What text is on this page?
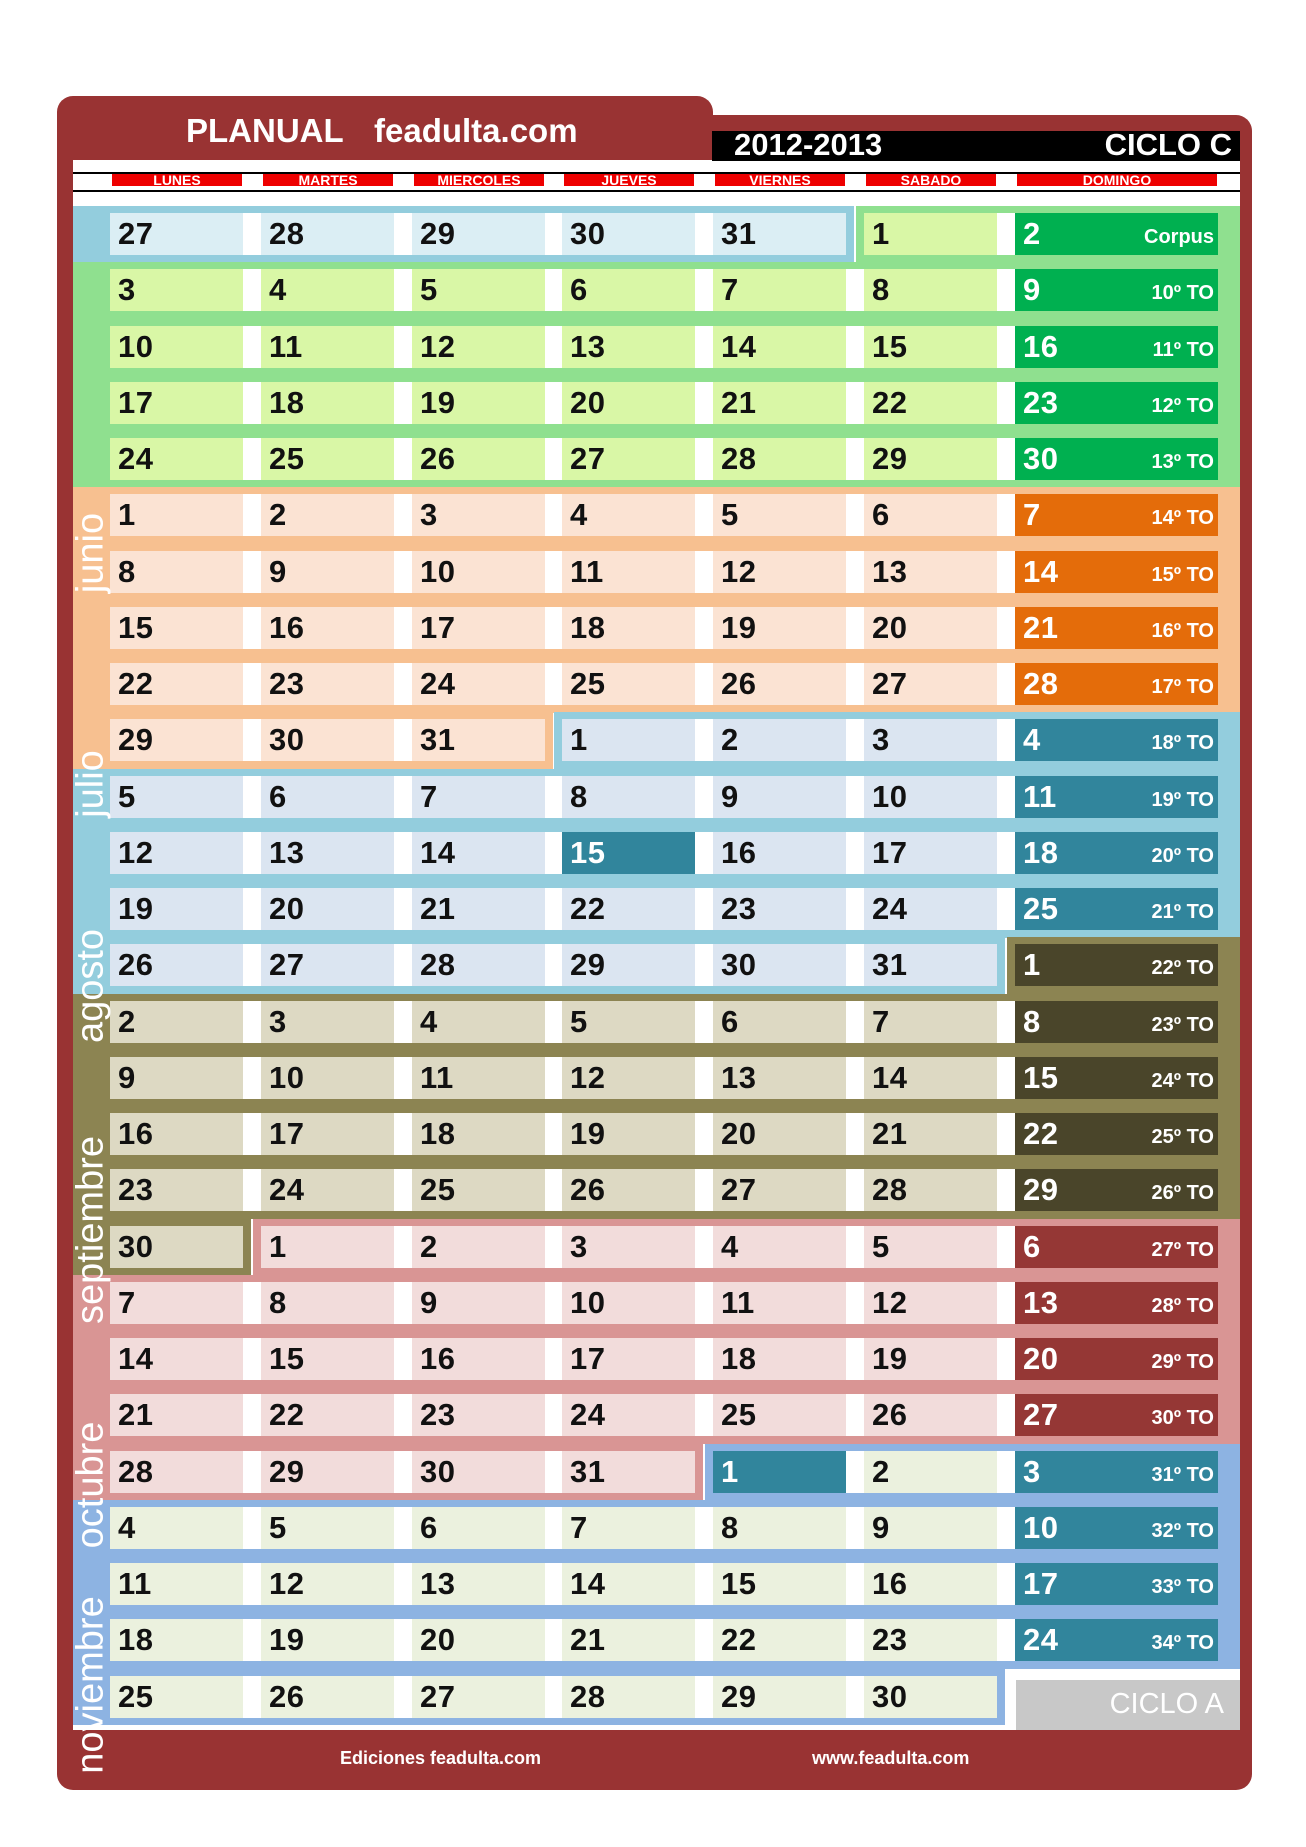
PLANUAL feadulta.com	2012-2013	CICLO C
LUNES	MARTES	MIERCOLES	JUEVES	VIERNES	SABADO	DOMINGO
27	28	29	30	31	1	2	Corpus
3	4	5	6	7	8	9	10º TO
10	11	12	13	14	15	16	11º TO
17	18	19	20	21	22	23	12º TO
24	25	26	27	28	29	30	13º TO
1	2	3	4	5	6	7	14º TO
8	9	10	11	12	13	14	15º TO
15	16	17	18	19	20	21	16º TO
22	23	24	25	26	27	28	17º TO
29	30	31	1	2	3	4	18º TO
5	6	7	8	9	10	11	19º TO
12	13	14	15	16	17	18	20º TO
19	20	21	22	23	24	25	21º TO
26	27	28	29	30	31	1	22º TO
2	3	4	5	6	7	8	23º TO
9	10	11	12	13	14	15	24º TO
16	17	18	19	20	21	22	25º TO
23	24	25	26	27	28	29	26º TO
30	1	2	3	4	5	6	27º TO
7	8	9	10	11	12	13	28º TO
14	15	16	17	18	19	20	29º TO
21	22	23	24	25	26	27	30º TO
28	29	30	31	1	2	3	31º TO
4	5	6	7	8	9	10	32º TO
11	12	13	14	15	16	17	33º TO
18	19	20	21	22	23	24	34º TO
25	26	27	28	29	30
junio
julio
agosto
septiembre
octubre
noviembre	CICLO A
Ediciones feadulta.com	www.feadulta.com
